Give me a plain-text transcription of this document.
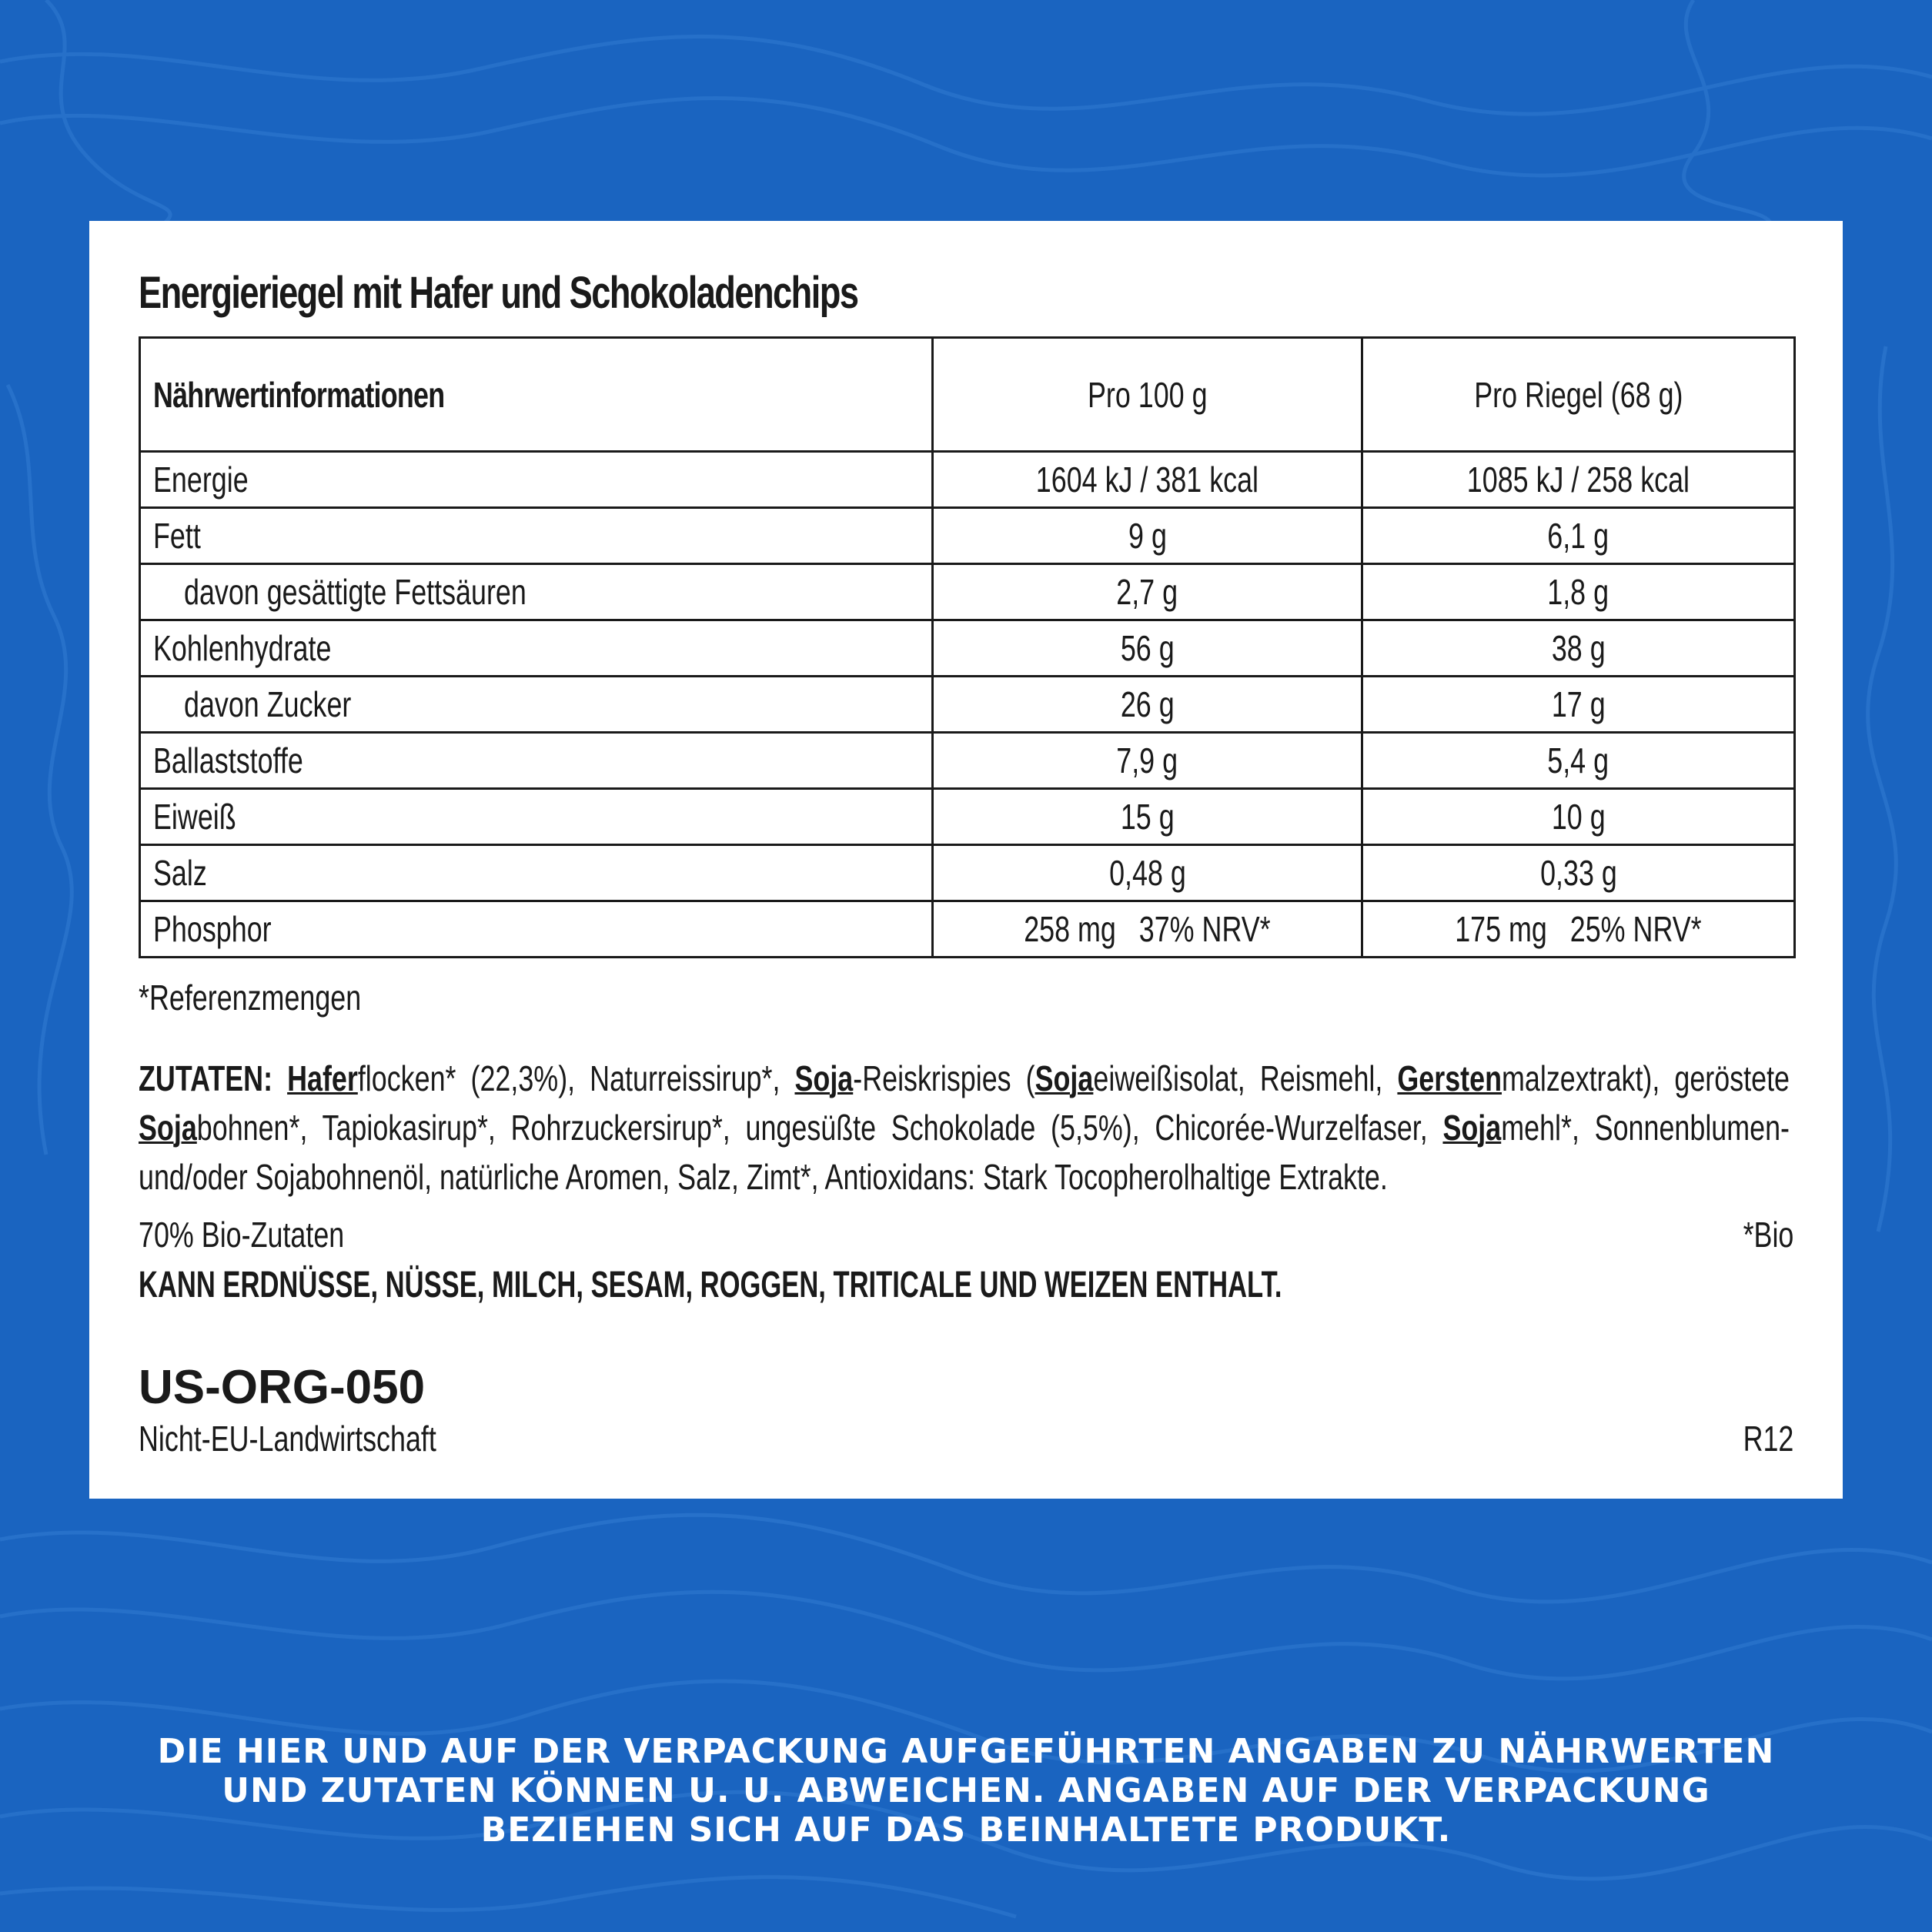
Energieriegel mit Hafer und Schokoladenchips
Nährwertinformationen	Pro 100 g	Pro Riegel (68 g)
Energie	1604 kJ / 381 kcal	1085 kJ / 258 kcal
Fett	9 g	6,1 g
davon gesättigte Fettsäuren	2,7 g	1,8 g
Kohlenhydrate	56 g	38 g
davon Zucker	26 g	17 g
Ballaststoffe	7,9 g	5,4 g
Eiweiß	15 g	10 g
Salz	0,48 g	0,33 g
Phosphor	258 mg   37% NRV*	175 mg   25% NRV*
*Referenzmengen
ZUTATEN: Haferflocken* (22,3%), Naturreissirup*, Soja-Reiskrispies (Sojaeiweißisolat, Reismehl, Gerstenmalzextrakt), geröstete Sojabohnen*, Tapiokasirup*, Rohrzuckersirup*, ungesüßte Schokolade (5,5%), Chicorée-Wurzelfaser, Sojamehl*, Sonnenblumen- und/oder Sojabohnenöl, natürliche Aromen, Salz, Zimt*, Antioxidans: Stark Tocopherolhaltige Extrakte.
70% Bio-Zutaten	*Bio
KANN ERDNÜSSE, NÜSSE, MILCH, SESAM, ROGGEN, TRITICALE UND WEIZEN ENTHALT.
US-ORG-050
Nicht-EU-Landwirtschaft	R12
DIE HIER UND AUF DER VERPACKUNG AUFGEFÜHRTEN ANGABEN ZU NÄHRWERTEN
UND ZUTATEN KÖNNEN U. U. ABWEICHEN. ANGABEN AUF DER VERPACKUNG
BEZIEHEN SICH AUF DAS BEINHALTETE PRODUKT.
